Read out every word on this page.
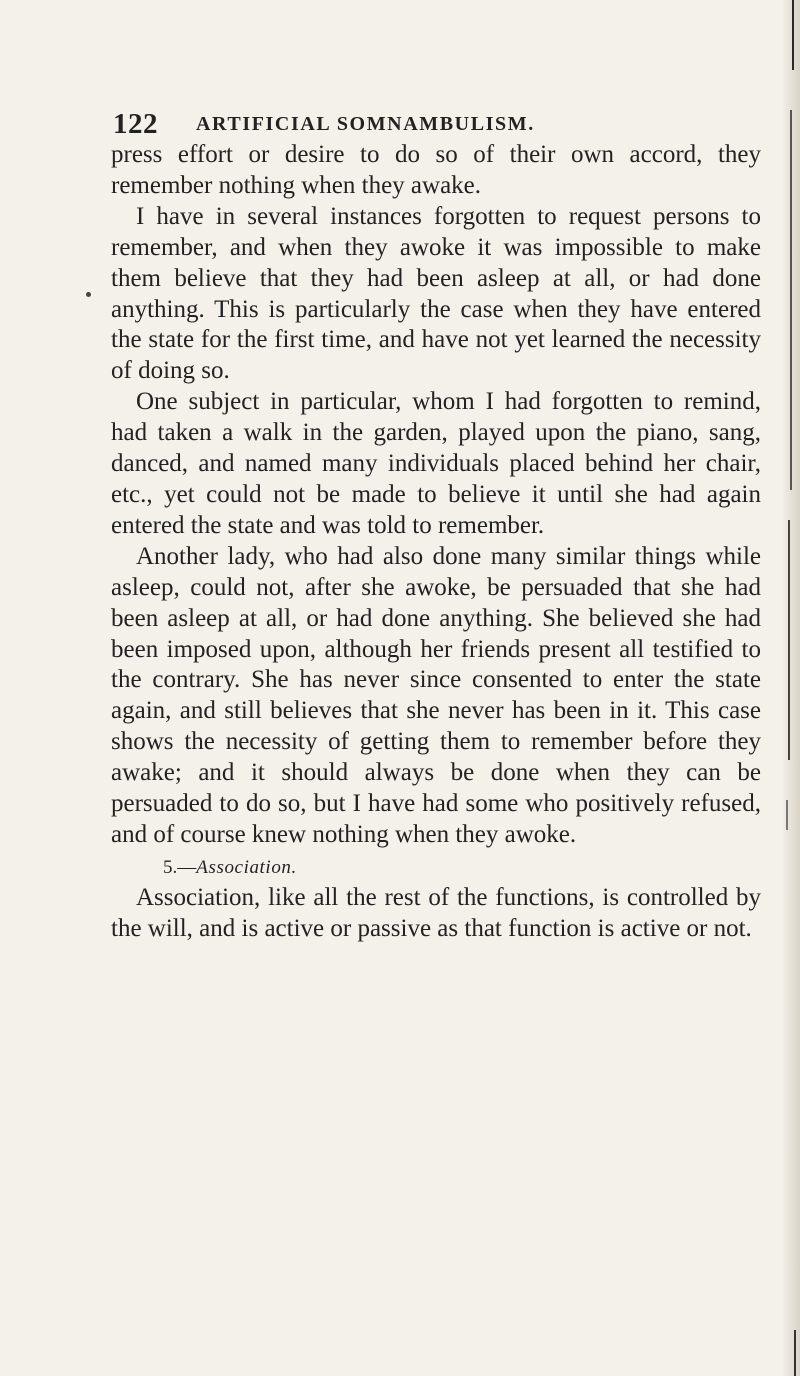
122 ARTIFICIAL SOMNAMBULISM.

press effort or desire to do so of their own accord, they remember nothing when they awake.

I have in several instances forgotten to request persons to remember, and when they awoke it was impossible to make them believe that they had been asleep at all, or had done anything. This is particularly the case when they have entered the state for the first time, and have not yet learned the necessity of doing so.

One subject in particular, whom I had forgotten to remind, had taken a walk in the garden, played upon the piano, sang, danced, and named many individuals placed behind her chair, etc., yet could not be made to believe it until she had again entered the state and was told to remember.

Another lady, who had also done many similar things while asleep, could not, after she awoke, be persuaded that she had been asleep at all, or had done anything. She believed she had been imposed upon, although her friends present all testified to the contrary. She has never since consented to enter the state again, and still believes that she never has been in it. This case shows the necessity of getting them to remember before they awake; and it should always be done when they can be persuaded to do so, but I have had some who positively refused, and of course knew nothing when they awoke.

5.—Association.

Association, like all the rest of the functions, is controlled by the will, and is active or passive as that function is active or not.
